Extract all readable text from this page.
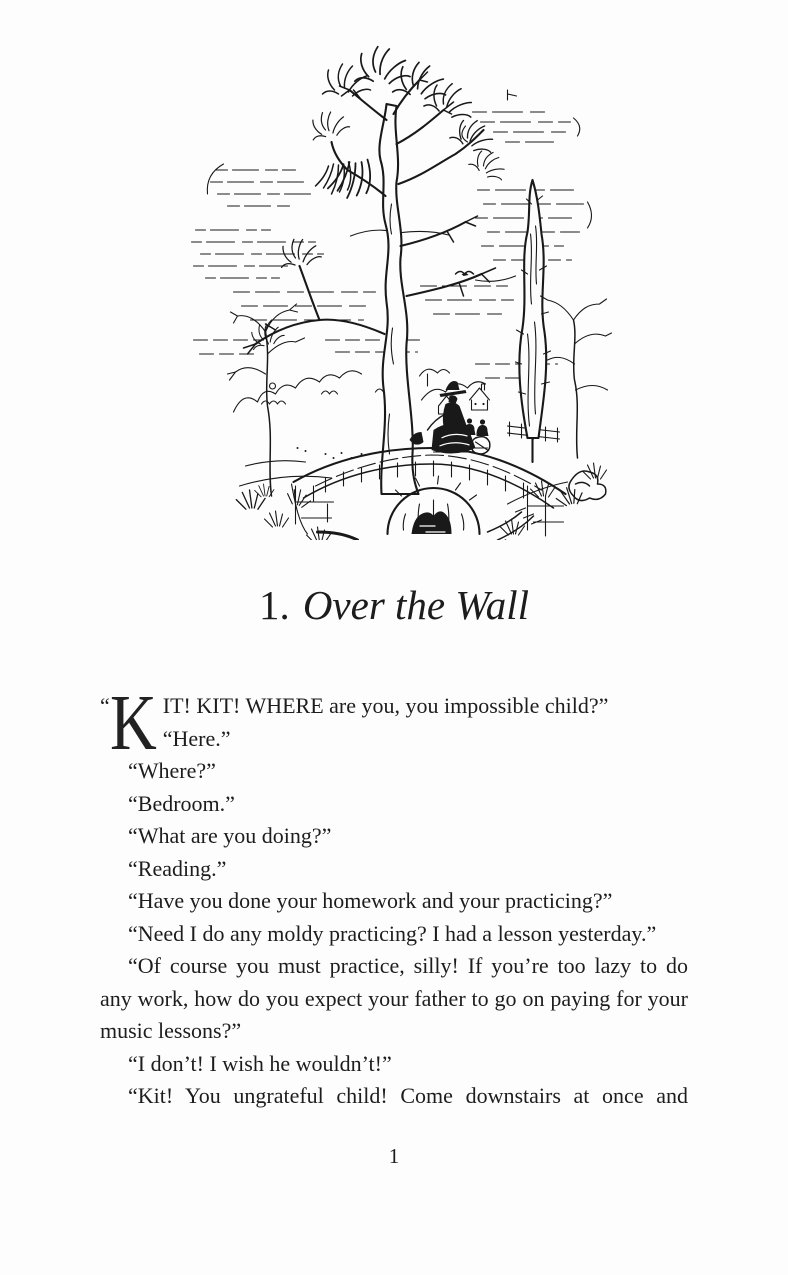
1. Over the Wall
“ K IT! KIT! WHERE are you, you impossible child?”

“Here.”

“Where?”

“Bedroom.”

“What are you doing?”

“Reading.”

“Have you done your homework and your practicing?”

“Need I do any moldy practicing? I had a lesson yesterday.”

“Of course you must practice, silly! If you’re too lazy to do any work, how do you expect your father to go on paying for your music lessons?”

“I don’t! I wish he wouldn’t!”

“Kit! You ungrateful child! Come downstairs at once and

1
